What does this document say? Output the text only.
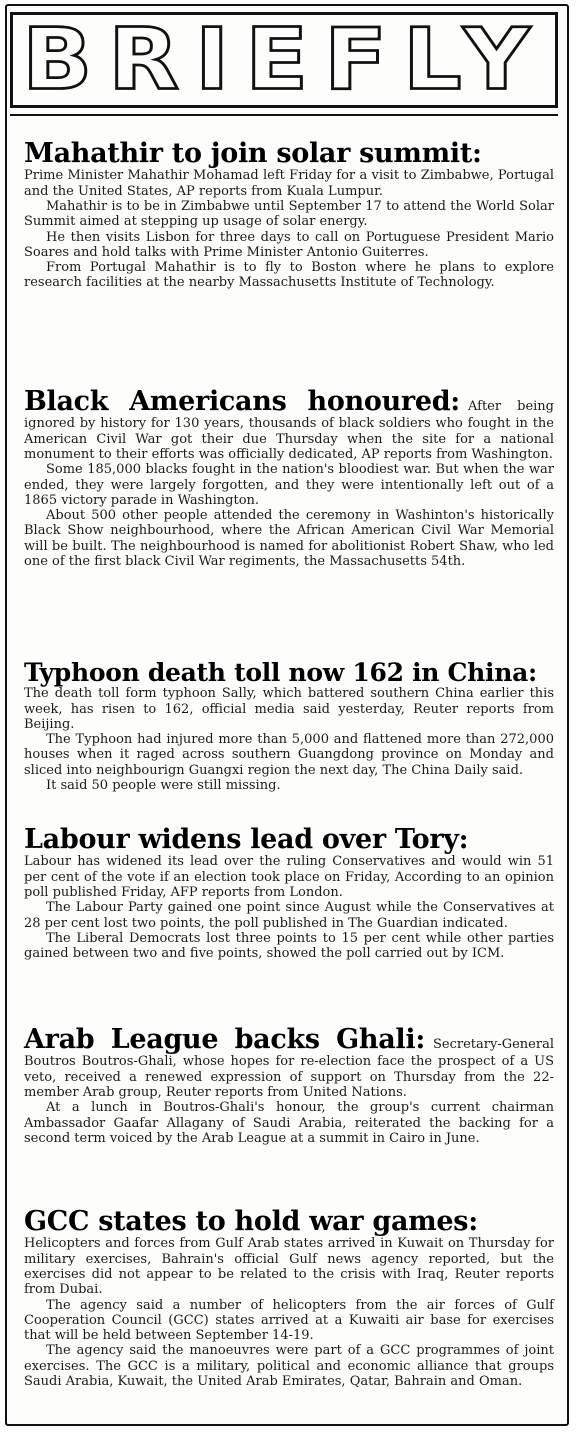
BRIEFLY
Mahathir to join solar summit:

Prime Minister Mahathir Mohamad left Friday for a visit to Zimbabwe, Portugal and the United States, AP reports from Kuala Lumpur.

Mahathir is to be in Zimbabwe until September 17 to attend the World Solar Summit aimed at stepping up usage of solar energy.

He then visits Lisbon for three days to call on Portuguese President Mario Soares and hold talks with Prime Minister Antonio Guiterres.

From Portugal Mahathir is to fly to Boston where he plans to explore research facilities at the nearby Massachusetts Institute of Technology.

Black Americans honoured: After being ignored by history for 130 years, thousands of black soldiers who fought in the American Civil War got their due Thursday when the site for a national monument to their efforts was officially dedicated, AP reports from Washington.

Some 185,000 blacks fought in the nation's bloodiest war. But when the war ended, they were largely forgotten, and they were intentionally left out of a 1865 victory parade in Washington.

About 500 other people attended the ceremony in Washinton's historically Black Show neighbourhood, where the African American Civil War Memorial will be built. The neighbourhood is named for abolitionist Robert Shaw, who led one of the first black Civil War regiments, the Massachusetts 54th.

Typhoon death toll now 162 in China:

The death toll form typhoon Sally, which battered southern China earlier this week, has risen to 162, official media said yesterday, Reuter reports from Beijing.

The Typhoon had injured more than 5,000 and flattened more than 272,000 houses when it raged across southern Guangdong province on Monday and sliced into neighbourign Guangxi region the next day, The China Daily said.

It said 50 people were still missing.

Labour widens lead over Tory:

Labour has widened its lead over the ruling Conservatives and would win 51 per cent of the vote if an election took place on Friday, According to an opinion poll published Friday, AFP reports from London.

The Labour Party gained one point since August while the Conservatives at 28 per cent lost two points, the poll published in The Guardian indicated.

The Liberal Democrats lost three points to 15 per cent while other parties gained between two and five points, showed the poll carried out by ICM.

Arab League backs Ghali: Secretary-General Boutros Boutros-Ghali, whose hopes for re-election face the prospect of a US veto, received a renewed expression of support on Thursday from the 22-member Arab group, Reuter reports from United Nations.

At a lunch in Boutros-Ghali's honour, the group's current chairman Ambassador Gaafar Allagany of Saudi Arabia, reiterated the backing for a second term voiced by the Arab League at a summit in Cairo in June.

GCC states to hold war games:

Helicopters and forces from Gulf Arab states arrived in Kuwait on Thursday for military exercises, Bahrain's official Gulf news agency reported, but the exercises did not appear to be related to the crisis with Iraq, Reuter reports from Dubai.

The agency said a number of helicopters from the air forces of Gulf Cooperation Council (GCC) states arrived at a Kuwaiti air base for exercises that will be held between September 14-19.

The agency said the manoeuvres were part of a GCC programmes of joint exercises. The GCC is a military, political and economic alliance that groups Saudi Arabia, Kuwait, the United Arab Emirates, Qatar, Bahrain and Oman.
